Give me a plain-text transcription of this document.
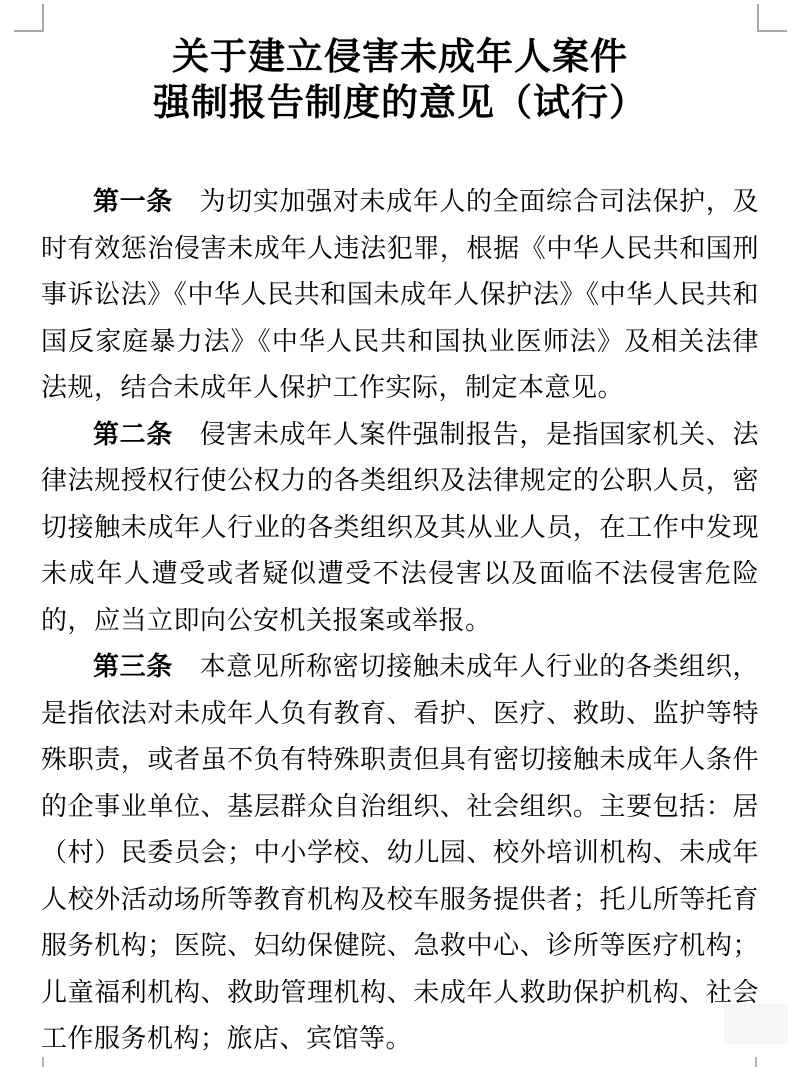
关于建立侵害未成年人案件
强制报告制度的意见（试行）

第一条　为切实加强对未成年人的全面综合司法保护，及时有效惩治侵害未成年人违法犯罪，根据《中华人民共和国刑事诉讼法》《中华人民共和国未成年人保护法》《中华人民共和国反家庭暴力法》《中华人民共和国执业医师法》及相关法律法规，结合未成年人保护工作实际，制定本意见。

第二条　侵害未成年人案件强制报告，是指国家机关、法律法规授权行使公权力的各类组织及法律规定的公职人员，密切接触未成年人行业的各类组织及其从业人员，在工作中发现未成年人遭受或者疑似遭受不法侵害以及面临不法侵害危险的，应当立即向公安机关报案或举报。

第三条　本意见所称密切接触未成年人行业的各类组织，是指依法对未成年人负有教育、看护、医疗、救助、监护等特殊职责，或者虽不负有特殊职责但具有密切接触未成年人条件的企事业单位、基层群众自治组织、社会组织。主要包括：居（村）民委员会；中小学校、幼儿园、校外培训机构、未成年人校外活动场所等教育机构及校车服务提供者；托儿所等托育服务机构；医院、妇幼保健院、急救中心、诊所等医疗机构；儿童福利机构、救助管理机构、未成年人救助保护机构、社会工作服务机构；旅店、宾馆等。
